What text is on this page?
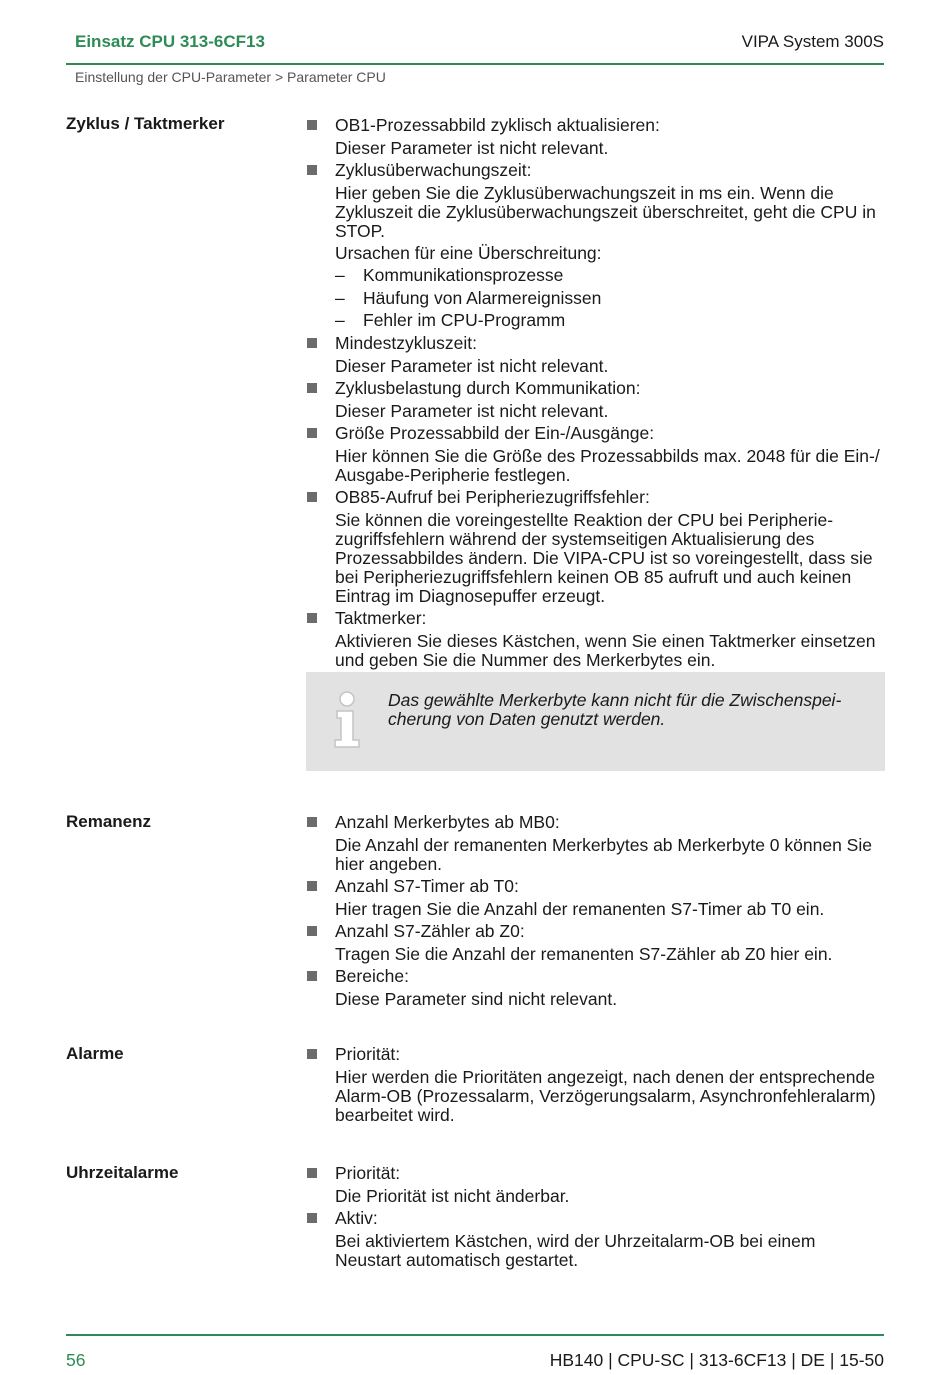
Einsatz CPU 313-6CF13	VIPA System 300S
Einstellung der CPU-Parameter > Parameter CPU
Zyklus / Taktmerker	OB1-Prozessabbild zyklisch aktualisieren:
Dieser Parameter ist nicht relevant.
Zyklusüberwachungszeit:
Hier geben Sie die Zyklusüberwachungszeit in ms ein. Wenn die Zykluszeit die Zyklusüberwachungszeit überschreitet, geht die CPU in STOP.
Ursachen für eine Überschreitung:
– Kommunikationsprozesse
– Häufung von Alarmereignissen
– Fehler im CPU-Programm
Mindestzykluszeit:
Dieser Parameter ist nicht relevant.
Zyklusbelastung durch Kommunikation:
Dieser Parameter ist nicht relevant.
Größe Prozessabbild der Ein-/Ausgänge:
Hier können Sie die Größe des Prozessabbilds max. 2048 für die Ein-/ Ausgabe-Peripherie festlegen.
OB85-Aufruf bei Peripheriezugriffsfehler:
Sie können die voreingestellte Reaktion der CPU bei Peripheriezugriffsfehlern während der systemseitigen Aktualisierung des Prozessabbildes ändern. Die VIPA-CPU ist so voreingestellt, dass sie bei Peripheriezugriffsfehlern keinen OB 85 aufruft und auch keinen Eintrag im Diagnosepuffer erzeugt.
Taktmerker:
Aktivieren Sie dieses Kästchen, wenn Sie einen Taktmerker einsetzen und geben Sie die Nummer des Merkerbytes ein.
Das gewählte Merkerbyte kann nicht für die Zwischenspeicherung von Daten genutzt werden.
Remanenz	Anzahl Merkerbytes ab MB0:
Die Anzahl der remanenten Merkerbytes ab Merkerbyte 0 können Sie hier angeben.
Anzahl S7-Timer ab T0:
Hier tragen Sie die Anzahl der remanenten S7-Timer ab T0 ein.
Anzahl S7-Zähler ab Z0:
Tragen Sie die Anzahl der remanenten S7-Zähler ab Z0 hier ein.
Bereiche:
Diese Parameter sind nicht relevant.
Alarme	Priorität:
Hier werden die Prioritäten angezeigt, nach denen der entsprechende Alarm-OB (Prozessalarm, Verzögerungsalarm, Asynchronfehleralarm) bearbeitet wird.
Uhrzeitalarme	Priorität:
Die Priorität ist nicht änderbar.
Aktiv:
Bei aktiviertem Kästchen, wird der Uhrzeitalarm-OB bei einem Neustart automatisch gestartet.
56	HB140 | CPU-SC | 313-6CF13 | DE | 15-50
